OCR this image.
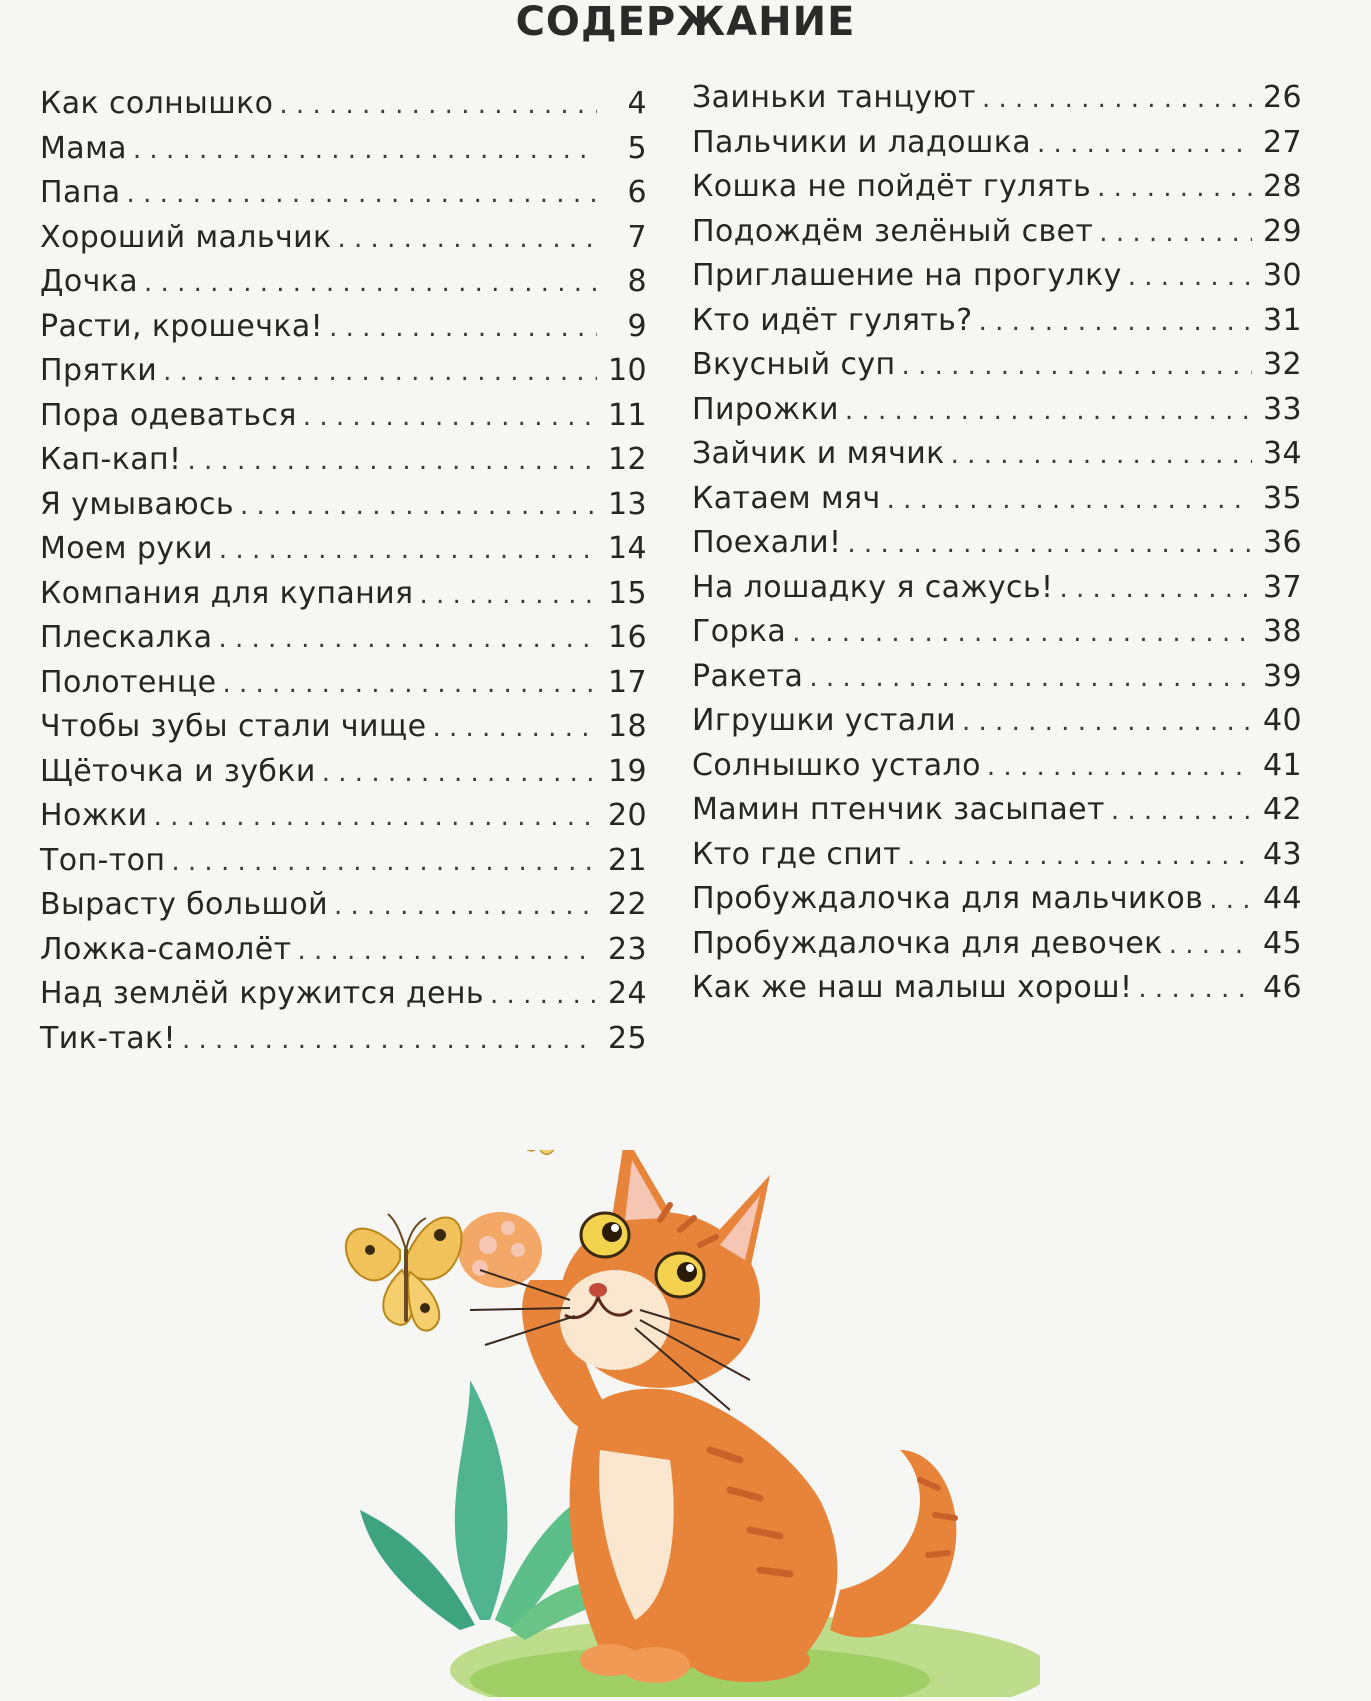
СОДЕРЖАНИЕ
Как солнышко . . .	4
Мама . . .	5
Папа . . .	6
Хороший мальчик . . .	7
Дочка . . .	8
Расти, крошечка! . . .	9
Прятки . . .	10
Пора одеваться . . .	11
Кап-кап! . . .	12
Я умываюсь . . .	13
Моем руки . . .	14
Компания для купания . . .	15
Плескалка . . .	16
Полотенце . . .	17
Чтобы зубы стали чище . . .	18
Щёточка и зубки . . .	19
Ножки . . .	20
Топ-топ . . .	21
Вырасту большой . . .	22
Ложка-самолёт . . .	23
Над землёй кружится день . . .	24
Тик-так! . . .	25
Заиньки танцуют . . .	26
Пальчики и ладошка . . .	27
Кошка не пойдёт гулять . . .	28
Подождём зелёный свет . . .	29
Приглашение на прогулку . . .	30
Кто идёт гулять? . . .	31
Вкусный суп . . .	32
Пирожки . . .	33
Зайчик и мячик . . .	34
Катаем мяч . . .	35
Поехали! . . .	36
На лошадку я сажусь! . . .	37
Горка . . .	38
Ракета . . .	39
Игрушки устали . . .	40
Солнышко устало . . .	41
Мамин птенчик засыпает . . .	42
Кто где спит . . .	43
Пробуждалочка для мальчиков . . .	44
Пробуждалочка для девочек . . .	45
Как же наш малыш хорош! . . .	46
